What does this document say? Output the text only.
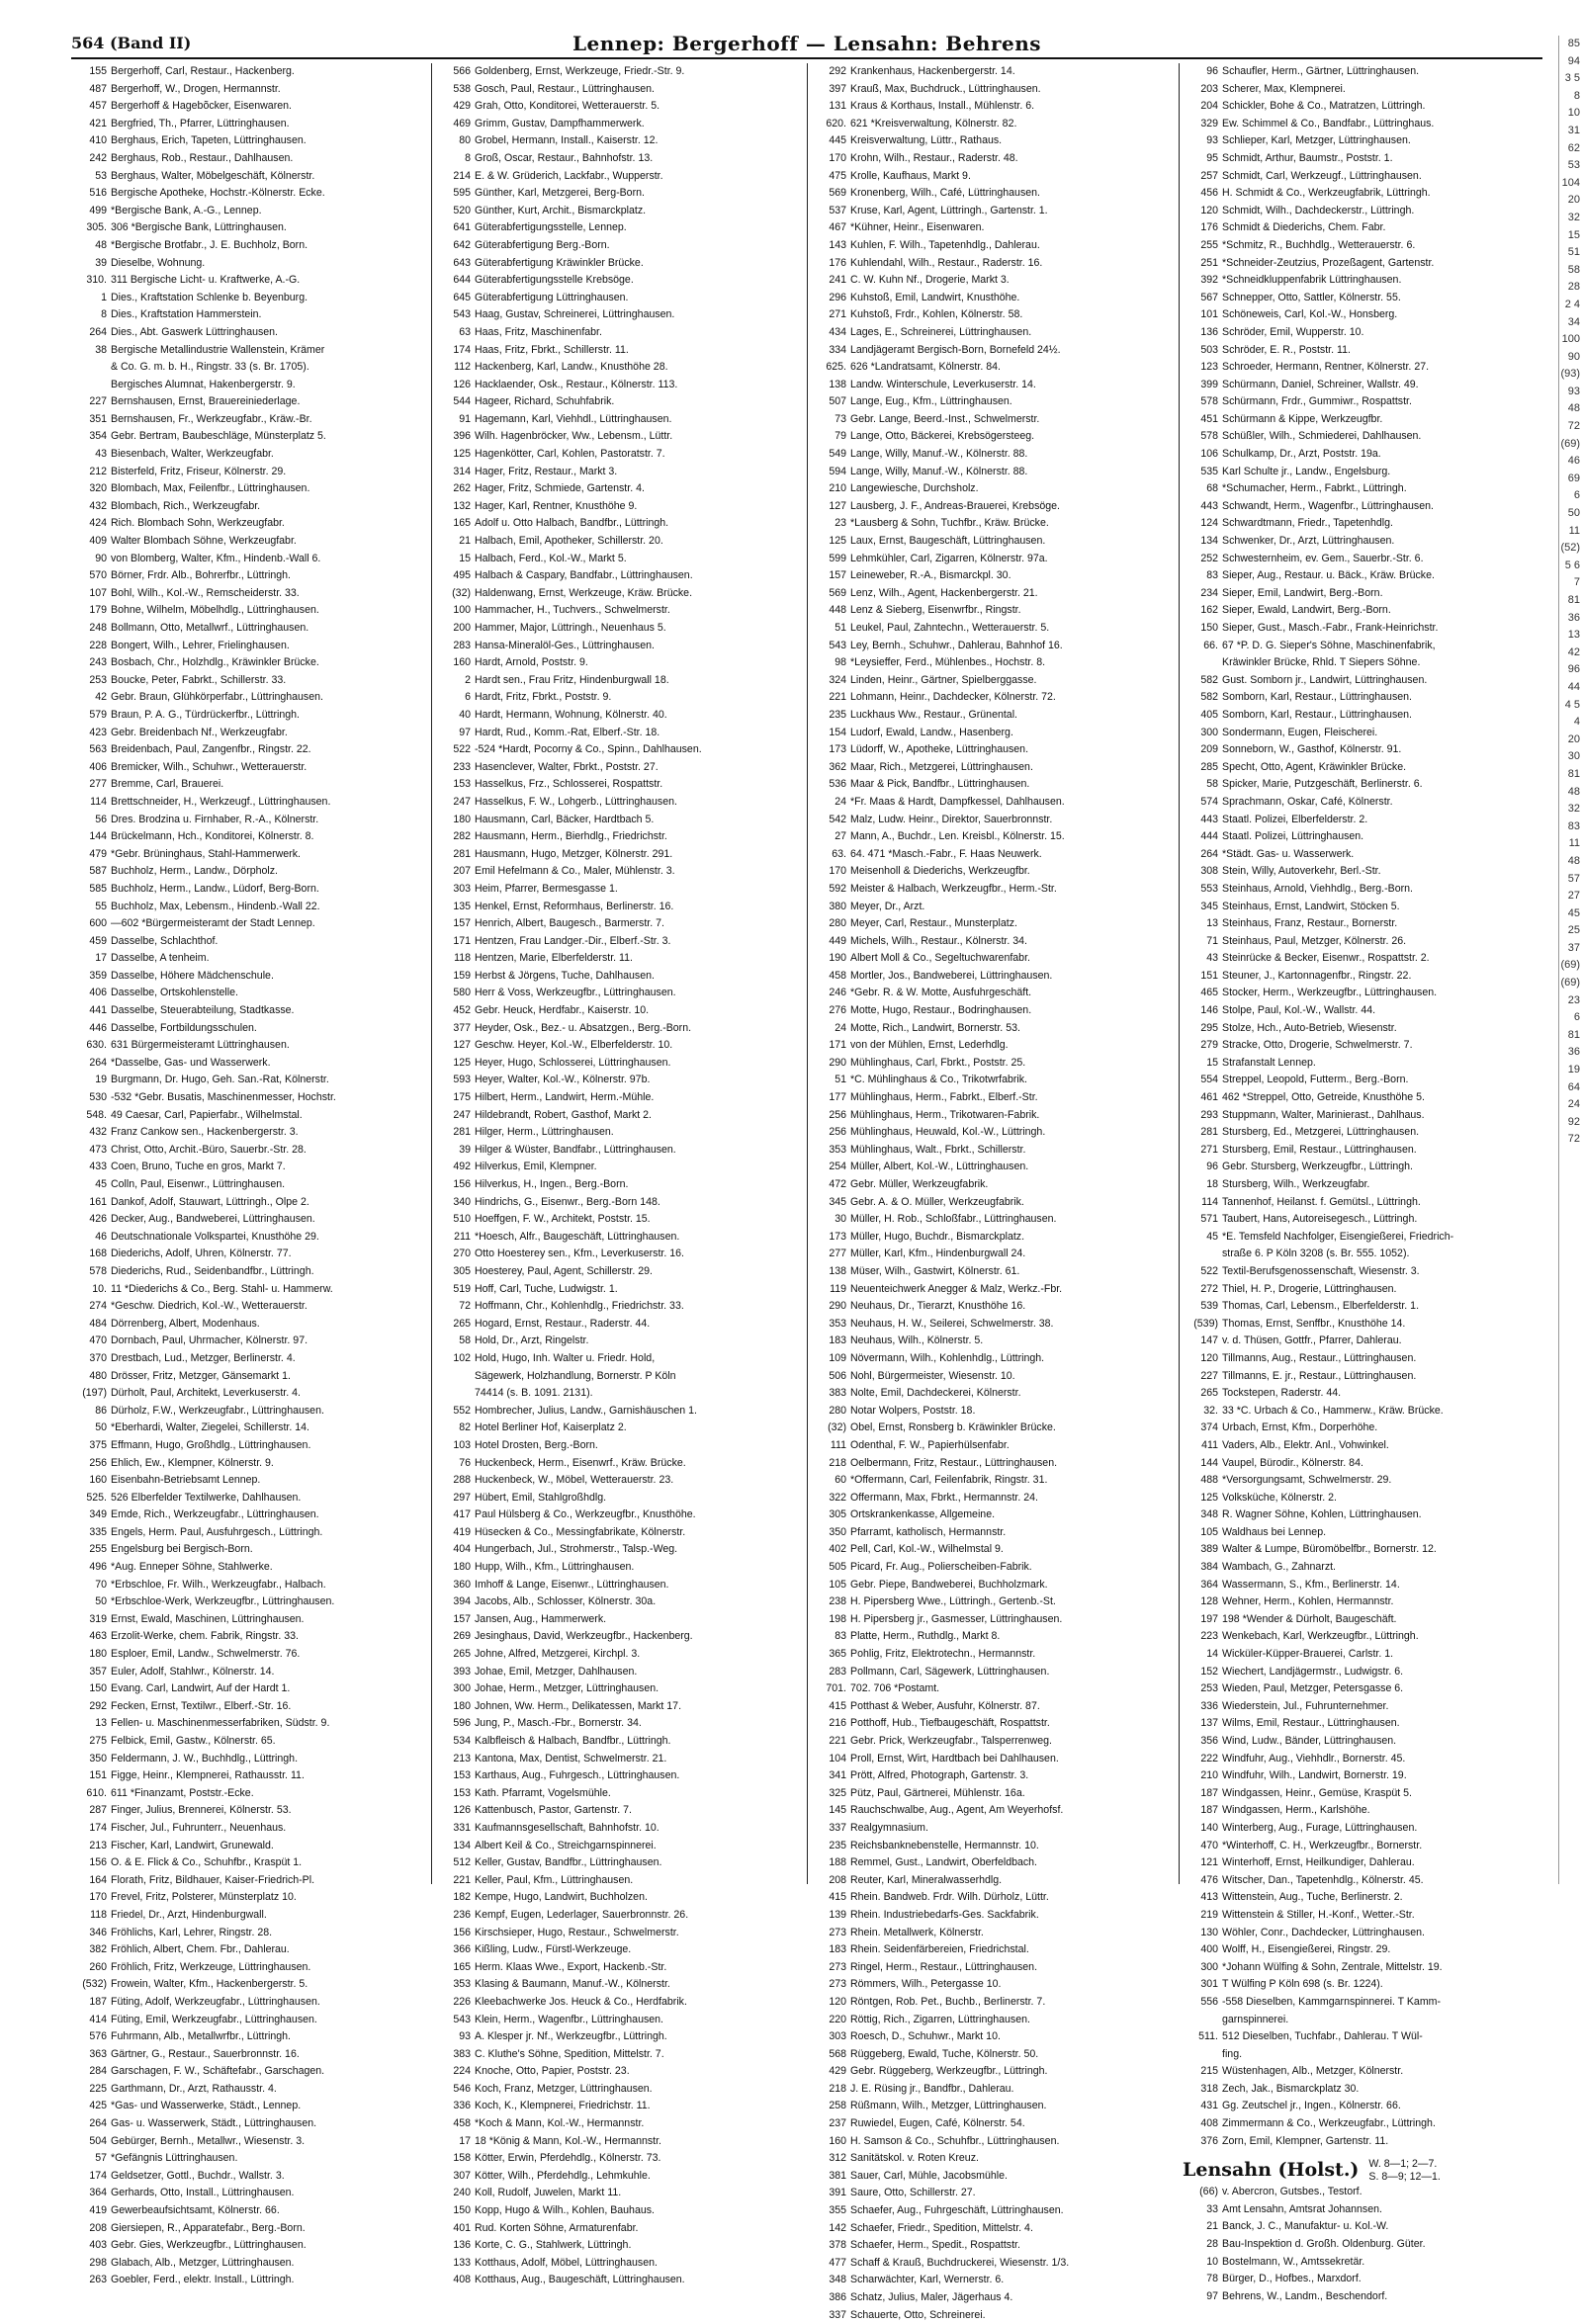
564 (Band II)	Lennep: Bergerhoff — Lensahn: Behrens
155 Bergerhoff, Carl, Restaur., Hackenberg.
487 Bergerhoff, W., Drogen, Hermannstr.
457 Bergerhoff & Hagebõcker, Eisenwaren.
421 Bergfried, Th., Pfarrer, Lüttringhausen.
410 Berghaus, Erich, Tapeten, Lüttringhausen.
242 Berghaus, Rob., Restaur., Dahlhausen.
53 Berghaus, Walter, Möbelgeschäft, Kölnerstr.
516 Bergische Apotheke, Hochstr.-Kölnerstr. Ecke.
499 *Bergische Bank, A.-G., Lennep.
305. 306 *Bergische Bank, Lüttringhausen.
48 *Bergische Brotfabr., J. E. Buchholz, Born.
39 Dieselbe, Wohnung.
310. 311 Bergische Licht- u. Kraftwerke, A.-G.
1 Dies., Kraftstation Schlenke b. Beyenburg.
8 Dies., Kraftstation Hammerstein.
264 Dies., Abt. Gaswerk Lüttringhausen.
38 Bergische Metallindustrie Wallenstein, Krämer
& Co. G. m. b. H., Ringstr. 33 (s. Br. 1705).
Bergisches Alumnat, Hakenbergerstr. 9.
227 Bernshausen, Ernst, Brauereiniederlage.
351 Bernshausen, Fr., Werkzeugfabr., Kräw.-Br.
354 Gebr. Bertram, Baubeschläge, Münsterplatz 5.
43 Biesenbach, Walter, Werkzeugfabr.
212 Bisterfeld, Fritz, Friseur, Kölnerstr. 29.
320 Blombach, Max, Feilenfbr., Lüttringhausen.
432 Blombach, Rich., Werkzeugfabr.
424 Rich. Blombach Sohn, Werkzeugfabr.
409 Walter Blombach Söhne, Werkzeugfabr.
90 von Blomberg, Walter, Kfm., Hindenb.-Wall 6.
570 Börner, Frdr. Alb., Bohrerfbr., Lüttringh.
107 Bohl, Wilh., Kol.-W., Remscheiderstr. 33.
179 Bohne, Wilhelm, Möbelhdlg., Lüttringhausen.
248 Bollmann, Otto, Metallwrf., Lüttringhausen.
228 Bongert, Wilh., Lehrer, Frielinghausen.
243 Bosbach, Chr., Holzhdlg., Kräwinkler Brücke.
253 Boucke, Peter, Fabrkt., Schillerstr. 33.
42 Gebr. Braun, Glühkörperfabr., Lüttringhausen.
579 Braun, P. A. G., Türdrückerfbr., Lüttringh.
423 Gebr. Breidenbach Nf., Werkzeugfabr.
563 Breidenbach, Paul, Zangenfbr., Ringstr. 22.
406 Bremicker, Wilh., Schuhwr., Wetterauerstr.
277 Bremme, Carl, Brauerei.
114 Brettschneider, H., Werkzeugf., Lüttringhausen.
56 Dres. Brodzina u. Firnhaber, R.-A., Kölnerstr.
144 Brückelmann, Hch., Konditorei, Kölnerstr. 8.
479 *Gebr. Brüninghaus, Stahl-Hammerwerk.
587 Buchholz, Herm., Landw., Dörpholz.
585 Buchholz, Herm., Landw., Lüdorf, Berg-Born.
55 Buchholz, Max, Lebensm., Hindenb.-Wall 22.
600 —602 *Bürgermeisteramt der Stadt Lennep.
459 Dasselbe, Schlachthof.
17 Dasselbe, A tenheim.
359 Dasselbe, Höhere Mädchenschule.
406 Dasselbe, Ortskohlenstelle.
441 Dasselbe, Steuerabteilung, Stadtkasse.
446 Dasselbe, Fortbildungsschulen.
630. 631 Bürgermeisteramt Lüttringhausen.
264 *Dasselbe, Gas- und Wasserwerk.
19 Burgmann, Dr. Hugo, Geh. San.-Rat, Kölnerstr.
530 -532 *Gebr. Busatis, Maschinenmesser, Hochstr.
548. 49 Caesar, Carl, Papierfabr., Wilhelmstal.
432 Franz Cankow sen., Hackenbergerstr. 3.
473 Christ, Otto, Archit.-Büro, Sauerbr.-Str. 28.
433 Coen, Bruno, Tuche en gros, Markt 7.
45 Colln, Paul, Eisenwr., Lüttringhausen.
161 Dankof, Adolf, Stauwart, Lüttringh., Olpe 2.
426 Decker, Aug., Bandweberei, Lüttringhausen.
46 Deutschnationale Volkspartei, Knusthöhe 29.
168 Diederichs, Adolf, Uhren, Kölnerstr. 77.
578 Diederichs, Rud., Seidenbandfbr., Lüttringh.
10. 11 *Diederichs & Co., Berg. Stahl- u. Hammerw.
274 *Geschw. Diedrich, Kol.-W., Wetterauerstr.
484 Dörrenberg, Albert, Modenhaus.
470 Dornbach, Paul, Uhrmacher, Kölnerstr. 97.
370 Drestbach, Lud., Metzger, Berlinerstr. 4.
480 Drösser, Fritz, Metzger, Gänsemarkt 1.
(197) Dürholt, Paul, Architekt, Leverkuserstr. 4.
86 Dürholz, F.W., Werkzeugfabr., Lüttringhausen.
50 *Eberhardi, Walter, Ziegelei, Schillerstr. 14.
375 Effmann, Hugo, Großhdlg., Lüttringhausen.
256 Ehlich, Ew., Klempner, Kölnerstr. 9.
160 Eisenbahn-Betriebsamt Lennep.
525. 526 Elberfelder Textilwerke, Dahlhausen.
349 Emde, Rich., Werkzeugfabr., Lüttringhausen.
335 Engels, Herm. Paul, Ausfuhrgesch., Lüttringh.
255 Engelsburg bei Bergisch-Born.
496 *Aug. Enneper Söhne, Stahlwerke.
70 *Erbschloe, Fr. Wilh., Werkzeugfabr., Halbach.
50 *Erbschloe-Werk, Werkzeugfbr., Lüttringhausen.
319 Ernst, Ewald, Maschinen, Lüttringhausen.
463 Erzolit-Werke, chem. Fabrik, Ringstr. 33.
180 Esploer, Emil, Landw., Schwelmerstr. 76.
357 Euler, Adolf, Stahlwr., Kölnerstr. 14.
150 Evang. Carl, Landwirt, Auf der Hardt 1.
292 Fecken, Ernst, Textilwr., Elberf.-Str. 16.
13 Fellen- u. Maschinenmesserfabriken, Südstr. 9.
275 Felbick, Emil, Gastw., Kölnerstr. 65.
350 Feldermann, J. W., Buchhdlg., Lüttringh.
151 Figge, Heinr., Klempnerei, Rathausstr. 11.
610. 611 *Finanzamt, Poststr.-Ecke.
287 Finger, Julius, Brennerei, Kölnerstr. 53.
174 Fischer, Jul., Fuhrunterr., Neuenhaus.
213 Fischer, Karl, Landwirt, Grunewald.
156 O. & E. Flick & Co., Schuhfbr., Kraspüt 1.
164 Florath, Fritz, Bildhauer, Kaiser-Friedrich-Pl.
170 Frevel, Fritz, Polsterer, Münsterplatz 10.
118 Friedel, Dr., Arzt, Hindenburgwall.
346 Fröhlichs, Karl, Lehrer, Ringstr. 28.
382 Fröhlich, Albert, Chem. Fbr., Dahlerau.
260 Fröhlich, Fritz, Werkzeuge, Lüttringhausen.
(532) Frowein, Walter, Kfm., Hackenbergerstr. 5.
187 Füting, Adolf, Werkzeugfabr., Lüttringhausen.
414 Füting, Emil, Werkzeugfabr., Lüttringhausen.
576 Fuhrmann, Alb., Metallwrfbr., Lüttringh.
363 Gärtner, G., Restaur., Sauerbronnstr. 16.
284 Garschagen, F. W., Schäftefabr., Garschagen.
225 Garthmann, Dr., Arzt, Rathausstr. 4.
425 *Gas- und Wasserwerke, Städt., Lennep.
264 Gas- u. Wasserwerk, Städt., Lüttringhausen.
504 Gebürger, Bernh., Metallwr., Wiesenstr. 3.
57 *Gefängnis Lüttringhausen.
174 Geldsetzer, Gottl., Buchdr., Wallstr. 3.
364 Gerhards, Otto, Install., Lüttringhausen.
419 Gewerbeaufsichtsamt, Kölnerstr. 66.
208 Giersiepen, R., Apparatefabr., Berg.-Born.
403 Gebr. Gies, Werkzeugfbr., Lüttringhausen.
298 Glabach, Alb., Metzger, Lüttringhausen.
263 Goebler, Ferd., elektr. Install., Lüttringh.
566 Goldenberg, Ernst, Werkzeuge, Friedr.-Str. 9.
538 Gosch, Paul, Restaur., Lüttringhausen.
429 Grah, Otto, Konditorei, Wetterauerstr. 5.
469 Grimm, Gustav, Dampfhammerwerk.
80 Grobel, Hermann, Install., Kaiserstr. 12.
8 Groß, Oscar, Restaur., Bahnhofstr. 13.
214 E. & W. Grüderich, Lackfabr., Wupperstr.
595 Günther, Karl, Metzgerei, Berg-Born.
520 Günther, Kurt, Archit., Bismarckplatz.
641 Güterabfertigungsstelle, Lennep.
642 Güterabfertigung Berg.-Born.
643 Güterabfertigung Kräwinkler Brücke.
644 Güterabfertigungsstelle Krebsöge.
645 Güterabfertigung Lüttringhausen.
543 Haag, Gustav, Schreinerei, Lüttringhausen.
63 Haas, Fritz, Maschinenfabr.
174 Haas, Fritz, Fbrkt., Schillerstr. 11.
112 Hackenberg, Karl, Landw., Knusthöhe 28.
126 Hacklaender, Osk., Restaur., Kölnerstr. 113.
544 Hageer, Richard, Schuhfabrik.
91 Hagemann, Karl, Viehhdl., Lüttringhausen.
396 Wilh. Hagenbröcker, Ww., Lebensm., Lüttr.
125 Hagenkötter, Carl, Kohlen, Pastoratstr. 7.
314 Hager, Fritz, Restaur., Markt 3.
262 Hager, Fritz, Schmiede, Gartenstr. 4.
132 Hager, Karl, Rentner, Knusthöhe 9.
165 Adolf u. Otto Halbach, Bandfbr., Lüttringh.
21 Halbach, Emil, Apotheker, Schillerstr. 20.
15 Halbach, Ferd., Kol.-W., Markt 5.
495 Halbach & Caspary, Bandfabr., Lüttringhausen.
(32) Haldenwang, Ernst, Werkzeuge, Kräw. Brücke.
100 Hammacher, H., Tuchvers., Schwelmerstr.
200 Hammer, Major, Lüttringh., Neuenhaus 5.
283 Hansa-Mineralöl-Ges., Lüttringhausen.
160 Hardt, Arnold, Poststr. 9.
2 Hardt sen., Frau Fritz, Hindenburgwall 18.
6 Hardt, Fritz, Fbrkt., Poststr. 9.
40 Hardt, Hermann, Wohnung, Kölnerstr. 40.
97 Hardt, Rud., Komm.-Rat, Elberf.-Str. 18.
522 -524 *Hardt, Pocorny & Co., Spinn., Dahlhausen.
233 Hasenclever, Walter, Fbrkt., Poststr. 27.
153 Hasselkus, Frz., Schlosserei, Rospattstr.
247 Hasselkus, F. W., Lohgerb., Lüttringhausen.
180 Hausmann, Carl, Bäcker, Hardtbach 5.
282 Hausmann, Herm., Bierhdlg., Friedrichstr.
281 Hausmann, Hugo, Metzger, Kölnerstr. 291.
207 Emil Hefelmann & Co., Maler, Mühlenstr. 3.
303 Heim, Pfarrer, Bermesgasse 1.
135 Henkel, Ernst, Reformhaus, Berlinerstr. 16.
157 Henrich, Albert, Baugesch., Barmerstr. 7.
171 Hentzen, Frau Landger.-Dir., Elberf.-Str. 3.
118 Hentzen, Marie, Elberfelderstr. 11.
159 Herbst & Jörgens, Tuche, Dahlhausen.
580 Herr & Voss, Werkzeugfbr., Lüttringhausen.
452 Gebr. Heuck, Herdfabr., Kaiserstr. 10.
377 Heyder, Osk., Bez.- u. Absatzgen., Berg.-Born.
127 Geschw. Heyer, Kol.-W., Elberfelderstr. 10.
125 Heyer, Hugo, Schlosserei, Lüttringhausen.
593 Heyer, Walter, Kol.-W., Kölnerstr. 97b.
175 Hilbert, Herm., Landwirt, Herm.-Mühle.
247 Hildebrandt, Robert, Gasthof, Markt 2.
281 Hilger, Herm., Lüttringhausen.
39 Hilger & Wüster, Bandfabr., Lüttringhausen.
492 Hilverkus, Emil, Klempner.
156 Hilverkus, H., Ingen., Berg.-Born.
340 Hindrichs, G., Eisenwr., Berg.-Born 148.
510 Hoeffgen, F. W., Architekt, Poststr. 15.
211 *Hoesch, Alfr., Baugeschäft, Lüttringhausen.
270 Otto Hoesterey sen., Kfm., Leverkuserstr. 16.
305 Hoesterey, Paul, Agent, Schillerstr. 29.
519 Hoff, Carl, Tuche, Ludwigstr. 1.
72 Hoffmann, Chr., Kohlenhdlg., Friedrichstr. 33.
265 Hogard, Ernst, Restaur., Raderstr. 44.
58 Hold, Dr., Arzt, Ringelstr.
102 Hold, Hugo, Inh. Walter u. Friedr. Hold,
Sägewerk, Holzhandlung, Bornerstr. P Köln
74414 (s. B. 1091. 2131).
552 Hombrecher, Julius, Landw., Garnishäuschen 1.
82 Hotel Berliner Hof, Kaiserplatz 2.
103 Hotel Drosten, Berg.-Born.
76 Huckenbeck, Herm., Eisenwrf., Kräw. Brücke.
288 Huckenbeck, W., Möbel, Wetterauerstr. 23.
297 Hübert, Emil, Stahlgroßhdlg.
417 Paul Hülsberg & Co., Werkzeugfbr., Knusthöhe.
419 Hüsecken & Co., Messingfabrikate, Kölnerstr.
404 Hungerbach, Jul., Strohmerstr., Talsp.-Weg.
180 Hupp, Wilh., Kfm., Lüttringhausen.
360 Imhoff & Lange, Eisenwr., Lüttringhausen.
394 Jacobs, Alb., Schlosser, Kölnerstr. 30a.
157 Jansen, Aug., Hammerwerk.
269 Jesinghaus, David, Werkzeugfbr., Hackenberg.
265 Johne, Alfred, Metzgerei, Kirchpl. 3.
393 Johae, Emil, Metzger, Dahlhausen.
300 Johae, Herm., Metzger, Lüttringhausen.
180 Johnen, Ww. Herm., Delikatessen, Markt 17.
596 Jung, P., Masch.-Fbr., Bornerstr. 34.
534 Kalbfleisch & Halbach, Bandfbr., Lüttringh.
213 Kantona, Max, Dentist, Schwelmerstr. 21.
153 Karthaus, Aug., Fuhrgesch., Lüttringhausen.
153 Kath. Pfarramt, Vogelsmühle.
126 Kattenbusch, Pastor, Gartenstr. 7.
331 Kaufmannsgesellschaft, Bahnhofstr. 10.
134 Albert Keil & Co., Streichgarnspinnerei.
512 Keller, Gustav, Bandfbr., Lüttringhausen.
221 Keller, Paul, Kfm., Lüttringhausen.
182 Kempe, Hugo, Landwirt, Buchholzen.
236 Kempf, Eugen, Lederlager, Sauerbronnstr. 26.
156 Kirschsieper, Hugo, Restaur., Schwelmerstr.
366 Kißling, Ludw., Fürstl-Werkzeuge.
165 Herm. Klaas Wwe., Export, Hackenb.-Str.
353 Klasing & Baumann, Manuf.-W., Kölnerstr.
226 Kleebachwerke Jos. Heuck & Co., Herdfabrik.
543 Klein, Herm., Wagenfbr., Lüttringhausen.
93 A. Klesper jr. Nf., Werkzeugfbr., Lüttringh.
383 C. Kluthe's Söhne, Spedition, Mittelstr. 7.
224 Knoche, Otto, Papier, Poststr. 23.
546 Koch, Franz, Metzger, Lüttringhausen.
336 Koch, K., Klempnerei, Friedrichstr. 11.
458 *Koch & Mann, Kol.-W., Hermannstr.
17 18 *König & Mann, Kol.-W., Hermannstr.
158 Kötter, Erwin, Pferdehdlg., Kölnerstr. 73.
307 Kötter, Wilh., Pferdehdlg., Lehmkuhle.
240 Koll, Rudolf, Juwelen, Markt 11.
150 Kopp, Hugo & Wilh., Kohlen, Bauhaus.
401 Rud. Korten Söhne, Armaturenfabr.
136 Korte, C. G., Stahlwerk, Lüttringh.
133 Kotthaus, Adolf, Möbel, Lüttringhausen.
408 Kotthaus, Aug., Baugeschäft, Lüttringhausen.
292 Krankenhaus, Hackenbergerstr. 14.
397 Krauß, Max, Buchdruck., Lüttringhausen.
131 Kraus & Korthaus, Install., Mühlenstr. 6.
620. 621 *Kreisverwaltung, Kölnerstr. 82.
445 Kreisverwaltung, Lüttr., Rathaus.
170 Krohn, Wilh., Restaur., Raderstr. 48.
475 Krolle, Kaufhaus, Markt 9.
569 Kronenberg, Wilh., Café, Lüttringhausen.
537 Kruse, Karl, Agent, Lüttringh., Gartenstr. 1.
467 *Kühner, Heinr., Eisenwaren.
143 Kuhlen, F. Wilh., Tapetenhdlg., Dahlerau.
176 Kuhlendahl, Wilh., Restaur., Raderstr. 16.
241 C. W. Kuhn Nf., Drogerie, Markt 3.
296 Kuhstoß, Emil, Landwirt, Knusthöhe.
271 Kuhstoß, Frdr., Kohlen, Kölnerstr. 58.
434 Lages, E., Schreinerei, Lüttringhausen.
334 Landjägeramt Bergisch-Born, Bornefeld 24½.
625. 626 *Landratsamt, Kölnerstr. 84.
138 Landw. Winterschule, Leverkuserstr. 14.
507 Lange, Eug., Kfm., Lüttringhausen.
73 Gebr. Lange, Beerd.-Inst., Schwelmerstr.
79 Lange, Otto, Bäckerei, Krebsögersteeg.
549 Lange, Willy, Manuf.-W., Kölnerstr. 88.
594 Lange, Willy, Manuf.-W., Kölnerstr. 88.
210 Langewiesche, Durchsholz.
127 Lausberg, J. F., Andreas-Brauerei, Krebsöge.
23 *Lausberg & Sohn, Tuchfbr., Kräw. Brücke.
125 Laux, Ernst, Baugeschäft, Lüttringhausen.
599 Lehmkühler, Carl, Zigarren, Kölnerstr. 97a.
157 Leineweber, R.-A., Bismarckpl. 30.
569 Lenz, Wilh., Agent, Hackenbergerstr. 21.
448 Lenz & Sieberg, Eisenwrfbr., Ringstr.
51 Leukel, Paul, Zahntechn., Wetterauerstr. 5.
543 Ley, Bernh., Schuhwr., Dahlerau, Bahnhof 16.
98 *Leysieffer, Ferd., Mühlenbes., Hochstr. 8.
324 Linden, Heinr., Gärtner, Spielberggasse.
221 Lohmann, Heinr., Dachdecker, Kölnerstr. 72.
235 Luckhaus Ww., Restaur., Grünental.
154 Ludorf, Ewald, Landw., Hasenberg.
173 Lüdorff, W., Apotheke, Lüttringhausen.
362 Maar, Rich., Metzgerei, Lüttringhausen.
536 Maar & Pick, Bandfbr., Lüttringhausen.
24 *Fr. Maas & Hardt, Dampfkessel, Dahlhausen.
542 Malz, Ludw. Heinr., Direktor, Sauerbronnstr.
27 Mann, A., Buchdr., Len. Kreisbl., Kölnerstr. 15.
63. 64. 471 *Masch.-Fabr., F. Haas Neuwerk.
170 Meisenholl & Diederichs, Werkzeugfbr.
592 Meister & Halbach, Werkzeugfbr., Herm.-Str.
380 Meyer, Dr., Arzt.
280 Meyer, Carl, Restaur., Munsterplatz.
449 Michels, Wilh., Restaur., Kölnerstr. 34.
190 Albert Moll & Co., Segeltuchwarenfabr.
458 Mortler, Jos., Bandweberei, Lüttringhausen.
246 *Gebr. R. & W. Motte, Ausfuhrgeschäft.
276 Motte, Hugo, Restaur., Bodringhausen.
24 Motte, Rich., Landwirt, Bornerstr. 53.
171 von der Mühlen, Ernst, Lederhdlg.
290 Mühlinghaus, Carl, Fbrkt., Poststr. 25.
51 *C. Mühlinghaus & Co., Trikotwrfabrik.
177 Mühlinghaus, Herm., Fabrkt., Elberf.-Str.
256 Mühlinghaus, Herm., Trikotwaren-Fabrik.
256 Mühlinghaus, Heuwald, Kol.-W., Lüttringh.
353 Mühlinghaus, Walt., Fbrkt., Schillerstr.
254 Müller, Albert, Kol.-W., Lüttringhausen.
472 Gebr. Müller, Werkzeugfabrik.
345 Gebr. A. & O. Müller, Werkzeugfabrik.
30 Müller, H. Rob., Schloßfabr., Lüttringhausen.
173 Müller, Hugo, Buchdr., Bismarckplatz.
277 Müller, Karl, Kfm., Hindenburgwall 24.
138 Müser, Wilh., Gastwirt, Kölnerstr. 61.
119 Neuenteichwerk Anegger & Malz, Werkz.-Fbr.
290 Neuhaus, Dr., Tierarzt, Knusthöhe 16.
353 Neuhaus, H. W., Seilerei, Schwelmerstr. 38.
183 Neuhaus, Wilh., Kölnerstr. 5.
109 Növermann, Wilh., Kohlenhdlg., Lüttringh.
506 Nohl, Bürgermeister, Wiesenstr. 10.
383 Nolte, Emil, Dachdeckerei, Kölnerstr.
280 Notar Wolpers, Poststr. 18.
(32) Obel, Ernst, Ronsberg b. Kräwinkler Brücke.
111 Odenthal, F. W., Papierhülsenfabr.
218 Oelbermann, Fritz, Restaur., Lüttringhausen.
60 *Offermann, Carl, Feilenfabrik, Ringstr. 31.
322 Offermann, Max, Fbrkt., Hermannstr. 24.
305 Ortskrankenkasse, Allgemeine.
350 Pfarramt, katholisch, Hermannstr.
402 Pell, Carl, Kol.-W., Wilhelmstal 9.
505 Picard, Fr. Aug., Polierscheiben-Fabrik.
105 Gebr. Piepe, Bandweberei, Buchholzmark.
238 H. Pipersberg Wwe., Lüttringh., Gertenb.-St.
198 H. Pipersberg jr., Gasmesser, Lüttringhausen.
83 Platte, Herm., Ruthdlg., Markt 8.
365 Pohlig, Fritz, Elektrotechn., Hermannstr.
283 Pollmann, Carl, Sägewerk, Lüttringhausen.
701. 702. 706 *Postamt.
415 Potthast & Weber, Ausfuhr, Kölnerstr. 87.
216 Potthoff, Hub., Tiefbaugeschäft, Rospattstr.
221 Gebr. Prick, Werkzeugfabr., Talsperrenweg.
104 Proll, Ernst, Wirt, Hardtbach bei Dahlhausen.
341 Prött, Alfred, Photograph, Gartenstr. 3.
325 Pütz, Paul, Gärtnerei, Mühlenstr. 16a.
145 Rauchschwalbe, Aug., Agent, Am Weyerhofsf.
337 Realgymnasium.
235 Reichsbanknebenstelle, Hermannstr. 10.
188 Remmel, Gust., Landwirt, Oberfeldbach.
208 Reuter, Karl, Mineralwasserhdlg.
415 Rhein. Bandweb. Frdr. Wilh. Dürholz, Lüttr.
139 Rhein. Industriebedarfs-Ges. Sackfabrik.
273 Rhein. Metallwerk, Kölnerstr.
183 Rhein. Seidenfärbereien, Friedrichstal.
273 Ringel, Herm., Restaur., Lüttringhausen.
273 Römmers, Wilh., Petergasse 10.
120 Röntgen, Rob. Pet., Buchb., Berlinerstr. 7.
220 Röttig, Rich., Zigarren, Lüttringhausen.
303 Roesch, D., Schuhwr., Markt 10.
568 Rüggeberg, Ewald, Tuche, Kölnerstr. 50.
429 Gebr. Rüggeberg, Werkzeugfbr., Lüttringh.
218 J. E. Rüsing jr., Bandfbr., Dahlerau.
258 Rüßmann, Wilh., Metzger, Lüttringhausen.
237 Ruwiedel, Eugen, Café, Kölnerstr. 54.
160 H. Samson & Co., Schuhfbr., Lüttringhausen.
312 Sanitätskol. v. Roten Kreuz.
381 Sauer, Carl, Mühle, Jacobsmühle.
391 Saure, Otto, Schillerstr. 27.
355 Schaefer, Aug., Fuhrgeschäft, Lüttringhausen.
142 Schaefer, Friedr., Spedition, Mittelstr. 4.
378 Schaefer, Herm., Spedit., Rospattstr.
477 Schaff & Krauß, Buchdruckerei, Wiesenstr. 1/3.
348 Scharwächter, Karl, Wernerstr. 6.
386 Schatz, Julius, Maler, Jägerhaus 4.
337 Schauerte, Otto, Schreinerei.
96 Schaufler, Herm., Gärtner, Lüttringhausen.
203 Scherer, Max, Klempnerei.
204 Schickler, Bohe & Co., Matratzen, Lüttringh.
329 Ew. Schimmel & Co., Bandfabr., Lüttringhaus.
93 Schlieper, Karl, Metzger, Lüttringhausen.
95 Schmidt, Arthur, Baumstr., Poststr. 1.
257 Schmidt, Carl, Werkzeugf., Lüttringhausen.
456 H. Schmidt & Co., Werkzeugfabrik, Lüttringh.
120 Schmidt, Wilh., Dachdeckerstr., Lüttringh.
176 Schmidt & Diederichs, Chem. Fabr.
255 *Schmitz, R., Buchhdlg., Wetterauerstr. 6.
251 *Schneider-Zeutzius, Prozeßagent, Gartenstr.
392 *Schneidkluppenfabrik Lüttringhausen.
567 Schnepper, Otto, Sattler, Kölnerstr. 55.
101 Schöneweis, Carl, Kol.-W., Honsberg.
136 Schröder, Emil, Wupperstr. 10.
503 Schröder, E. R., Poststr. 11.
123 Schroeder, Hermann, Rentner, Kölnerstr. 27.
399 Schürmann, Daniel, Schreiner, Wallstr. 49.
578 Schürmann, Frdr., Gummiwr., Rospattstr.
451 Schürmann & Kippe, Werkzeugfbr.
578 Schüßler, Wilh., Schmiederei, Dahlhausen.
106 Schulkamp, Dr., Arzt, Poststr. 19a.
535 Karl Schulte jr., Landw., Engelsburg.
68 *Schumacher, Herm., Fabrkt., Lüttringh.
443 Schwandt, Herm., Wagenfbr., Lüttringhausen.
124 Schwardtmann, Friedr., Tapetenhdlg.
134 Schwenker, Dr., Arzt, Lüttringhausen.
252 Schwesternheim, ev. Gem., Sauerbr.-Str. 6.
83 Sieper, Aug., Restaur. u. Bäck., Kräw. Brücke.
234 Sieper, Emil, Landwirt, Berg.-Born.
162 Sieper, Ewald, Landwirt, Berg.-Born.
150 Sieper, Gust., Masch.-Fabr., Frank-Heinrichstr.
66. 67 *P. D. G. Sieper's Söhne, Maschinenfabrik,
Kräwinkler Brücke, Rhld. T Siepers Söhne.
582 Gust. Somborn jr., Landwirt, Lüttringhausen.
582 Somborn, Karl, Restaur., Lüttringhausen.
405 Somborn, Karl, Restaur., Lüttringhausen.
300 Sondermann, Eugen, Fleischerei.
209 Sonneborn, W., Gasthof, Kölnerstr. 91.
285 Specht, Otto, Agent, Kräwinkler Brücke.
58 Spicker, Marie, Putzgeschäft, Berlinerstr. 6.
574 Sprachmann, Oskar, Café, Kölnerstr.
443 Staatl. Polizei, Elberfelderstr. 2.
444 Staatl. Polizei, Lüttringhausen.
264 *Städt. Gas- u. Wasserwerk.
308 Stein, Willy, Autoverkehr, Berl.-Str.
553 Steinhaus, Arnold, Viehhdlg., Berg.-Born.
345 Steinhaus, Ernst, Landwirt, Stöcken 5.
13 Steinhaus, Franz, Restaur., Bornerstr.
71 Steinhaus, Paul, Metzger, Kölnerstr. 26.
43 Steinrücke & Becker, Eisenwr., Rospattstr. 2.
151 Steuner, J., Kartonnagenfbr., Ringstr. 22.
465 Stocker, Herm., Werkzeugfbr., Lüttringhausen.
146 Stolpe, Paul, Kol.-W., Wallstr. 44.
295 Stolze, Hch., Auto-Betrieb, Wiesenstr.
279 Stracke, Otto, Drogerie, Schwelmerstr. 7.
15 Strafanstalt Lennep.
554 Streppel, Leopold, Futterm., Berg.-Born.
461 462 *Streppel, Otto, Getreide, Knusthöhe 5.
293 Stuppmann, Walter, Marinierast., Dahlhaus.
281 Stursberg, Ed., Metzgerei, Lüttringhausen.
271 Stursberg, Emil, Restaur., Lüttringhausen.
96 Gebr. Stursberg, Werkzeugfbr., Lüttringh.
18 Stursberg, Wilh., Werkzeugfabr.
114 Tannenhof, Heilanst. f. Gemütsl., Lüttringh.
571 Taubert, Hans, Autoreisegesch., Lüttringh.
45 *E. Temsfeld Nachfolger, Eisengießerei, Friedrich-
straße 6. P Köln 3208 (s. Br. 555. 1052).
522 Textil-Berufsgenossenschaft, Wiesenstr. 3.
272 Thiel, H. P., Drogerie, Lüttringhausen.
539 Thomas, Carl, Lebensm., Elberfelderstr. 1.
(539) Thomas, Ernst, Senffbr., Knusthöhe 14.
147 v. d. Thüsen, Gottfr., Pfarrer, Dahlerau.
120 Tillmanns, Aug., Restaur., Lüttringhausen.
227 Tillmanns, E. jr., Restaur., Lüttringhausen.
265 Tockstepen, Raderstr. 44.
32. 33 *C. Urbach & Co., Hammerw., Kräw. Brücke.
374 Urbach, Ernst, Kfm., Dorperhöhe.
411 Vaders, Alb., Elektr. Anl., Vohwinkel.
144 Vaupel, Bürodir., Kölnerstr. 84.
488 *Versorgungsamt, Schwelmerstr. 29.
125 Volksküche, Kölnerstr. 2.
348 R. Wagner Söhne, Kohlen, Lüttringhausen.
105 Waldhaus bei Lennep.
389 Walter & Lumpe, Büromöbelfbr., Bornerstr. 12.
384 Wambach, G., Zahnarzt.
364 Wassermann, S., Kfm., Berlinerstr. 14.
128 Wehner, Herm., Kohlen, Hermannstr.
197 198 *Wender & Dürholt, Baugeschäft.
223 Wenkebach, Karl, Werkzeugfbr., Lüttringh.
14 Wicküler-Küpper-Brauerei, Carlstr. 1.
152 Wiechert, Landjägermstr., Ludwigstr. 6.
253 Wieden, Paul, Metzger, Petersgasse 6.
336 Wiederstein, Jul., Fuhrunternehmer.
137 Wilms, Emil, Restaur., Lüttringhausen.
356 Wind, Ludw., Bänder, Lüttringhausen.
222 Windfuhr, Aug., Viehhdlr., Bornerstr. 45.
210 Windfuhr, Wilh., Landwirt, Bornerstr. 19.
187 Windgassen, Heinr., Gemüse, Kraspüt 5.
187 Windgassen, Herm., Karlshöhe.
140 Winterberg, Aug., Furage, Lüttringhausen.
470 *Winterhoff, C. H., Werkzeugfbr., Bornerstr.
121 Winterhoff, Ernst, Heilkundiger, Dahlerau.
476 Witscher, Dan., Tapetenhdlg., Kölnerstr. 45.
413 Wittenstein, Aug., Tuche, Berlinerstr. 2.
219 Wittenstein & Stiller, H.-Konf., Wetter.-Str.
130 Wöhler, Conr., Dachdecker, Lüttringhausen.
400 Wolff, H., Eisengießerei, Ringstr. 29.
300 *Johann Wülfing & Sohn, Zentrale, Mittelstr. 19.
301 T Wülfing P Köln 698 (s. Br. 1224).
556 -558 Dieselben, Kammgarnspinnerei. T Kamm-
garnspinnerei.
511. 512 Dieselben, Tuchfabr., Dahlerau. T Wül-
fing.
215 Wüstenhagen, Alb., Metzger, Kölnerstr.
318 Zech, Jak., Bismarckplatz 30.
431 Gg. Zeutschel jr., Ingen., Kölnerstr. 66.
408 Zimmermann & Co., Werkzeugfabr., Lüttringh.
376 Zorn, Emil, Klempner, Gartenstr. 11.
Lensahn (Holst.) W. 8—1; 2—7.
S. 8—9; 12—1.
(66) v. Abercron, Gutsbes., Testorf.
33 Amt Lensahn, Amtsrat Johannsen.
21 Banck, J. C., Manufaktur- u. Kol.-W.
28 Bau-Inspektion d. Großh. Oldenburg. Güter.
10 Bostelmann, W., Amtssekretär.
78 Bürger, D., Hofbes., Marxdorf.
97 Behrens, W., Landm., Beschendorf.
85 94 3 5 8 10 31 62 53 104 20 32 15 51 58 28 2 4 34 100 90 (93) 93 48 72 (69) 46 69 6 50 11 (52) 5 6 7 81 36 13 42 96 44 4 5 4 20 30 81 48 32 83 11 48 57 27 45 25 37 (69) (69) 23 6 81 36 19 64 24 92 72
